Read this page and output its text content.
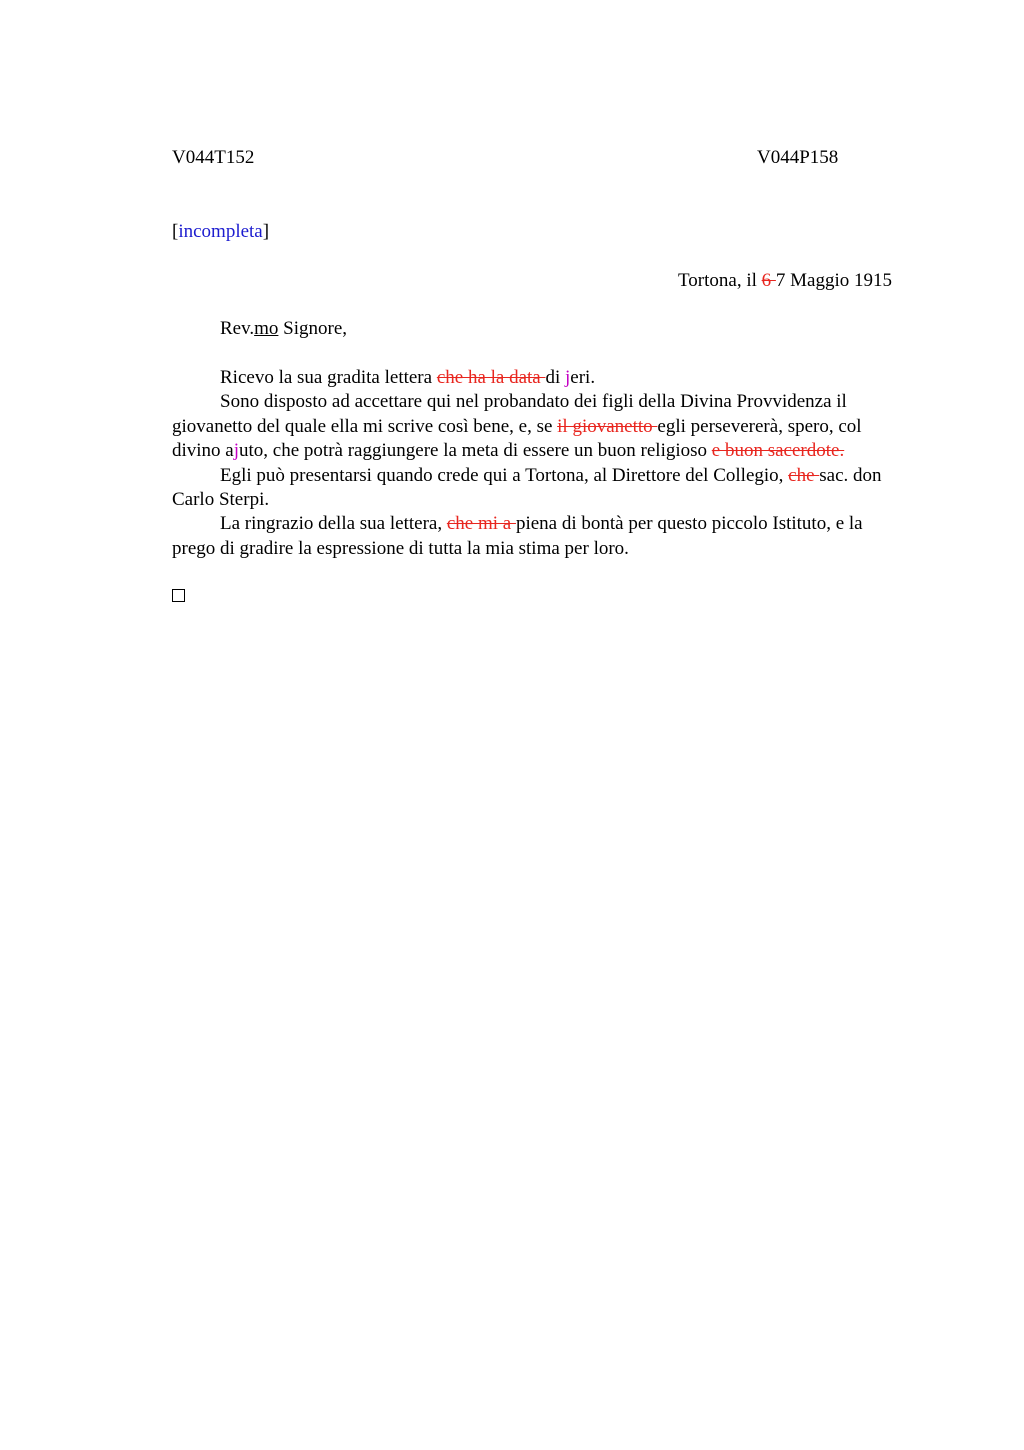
V044T152	V044P158
[incompleta]
Tortona, il 6 7 Maggio 1915
Rev.mo Signore,

Ricevo la sua gradita lettera che ha la data di jeri.

Sono disposto ad accettare qui nel probandato dei figli della Divina Provvidenza il giovanetto del quale ella mi scrive così bene, e, se il giovanetto egli persevererà, spero, col divino ajuto, che potrà raggiungere la meta di essere un buon religioso e buon sacerdote.

Egli può presentarsi quando crede qui a Tortona, al Direttore del Collegio, che sac. don Carlo Sterpi.

La ringrazio della sua lettera, che mi a piena di bontà per questo piccolo Istituto, e la prego di gradire la espressione di tutta la mia stima per loro.
